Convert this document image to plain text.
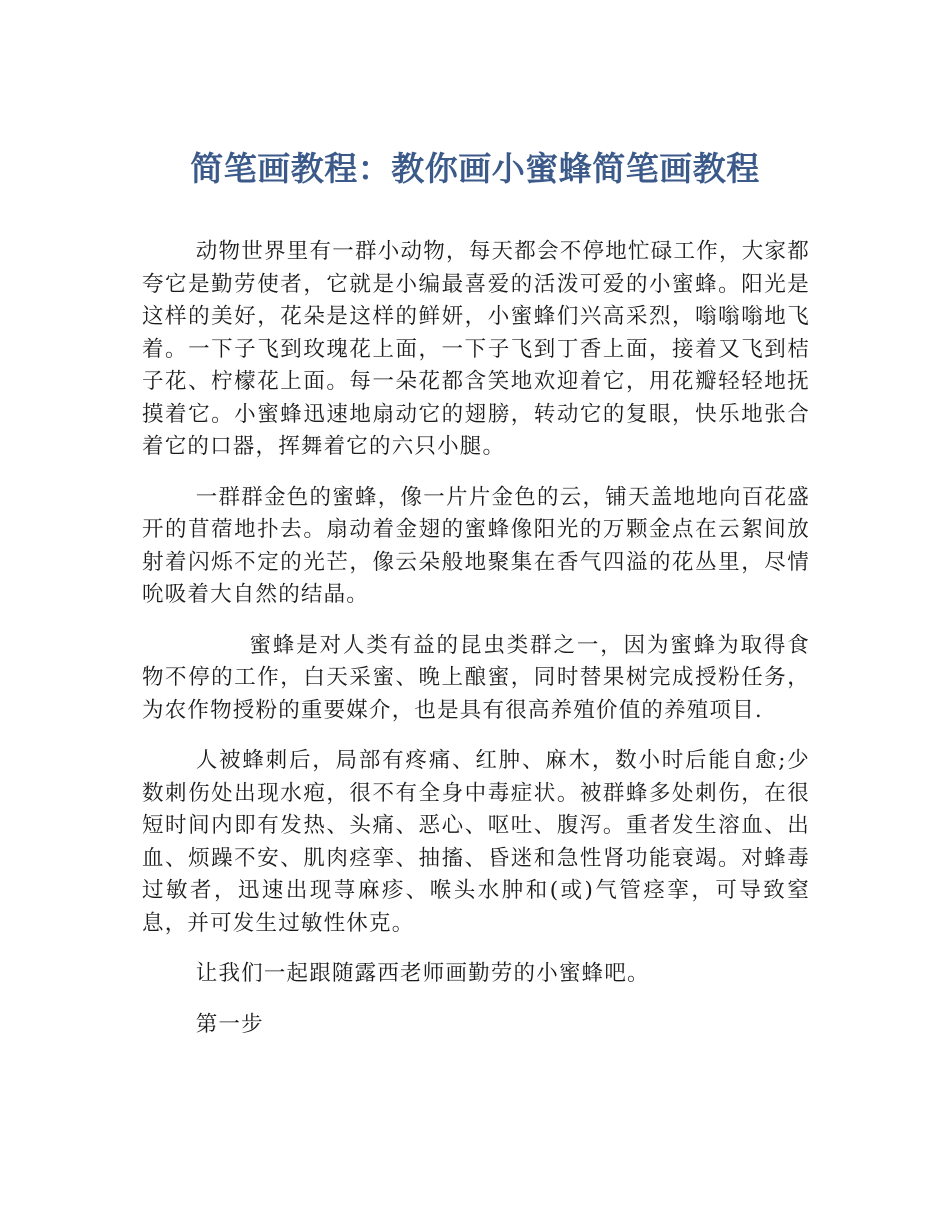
简笔画教程：教你画小蜜蜂简笔画教程

动物世界里有一群小动物，每天都会不停地忙碌工作，大家都夸它是勤劳使者，它就是小编最喜爱的活泼可爱的小蜜蜂。阳光是这样的美好，花朵是这样的鲜妍，小蜜蜂们兴高采烈，嗡嗡嗡地飞着。一下子飞到玫瑰花上面，一下子飞到丁香上面，接着又飞到桔子花、柠檬花上面。每一朵花都含笑地欢迎着它，用花瓣轻轻地抚摸着它。小蜜蜂迅速地扇动它的翅膀，转动它的复眼，快乐地张合着它的口器，挥舞着它的六只小腿。

一群群金色的蜜蜂，像一片片金色的云，铺天盖地地向百花盛开的苜蓿地扑去。扇动着金翅的蜜蜂像阳光的万颗金点在云絮间放射着闪烁不定的光芒，像云朵般地聚集在香气四溢的花丛里，尽情吮吸着大自然的结晶。

蜜蜂是对人类有益的昆虫类群之一，因为蜜蜂为取得食物不停的工作，白天采蜜、晚上酿蜜，同时替果树完成授粉任务，为农作物授粉的重要媒介，也是具有很高养殖价值的养殖项目.

人被蜂刺后，局部有疼痛、红肿、麻木，数小时后能自愈;少数刺伤处出现水疱，很不有全身中毒症状。被群蜂多处刺伤，在很短时间内即有发热、头痛、恶心、呕吐、腹泻。重者发生溶血、出血、烦躁不安、肌肉痉挛、抽搐、昏迷和急性肾功能衰竭。对蜂毒过敏者，迅速出现荨麻疹、喉头水肿和(或)气管痉挛，可导致窒息，并可发生过敏性休克。

让我们一起跟随露西老师画勤劳的小蜜蜂吧。

第一步
